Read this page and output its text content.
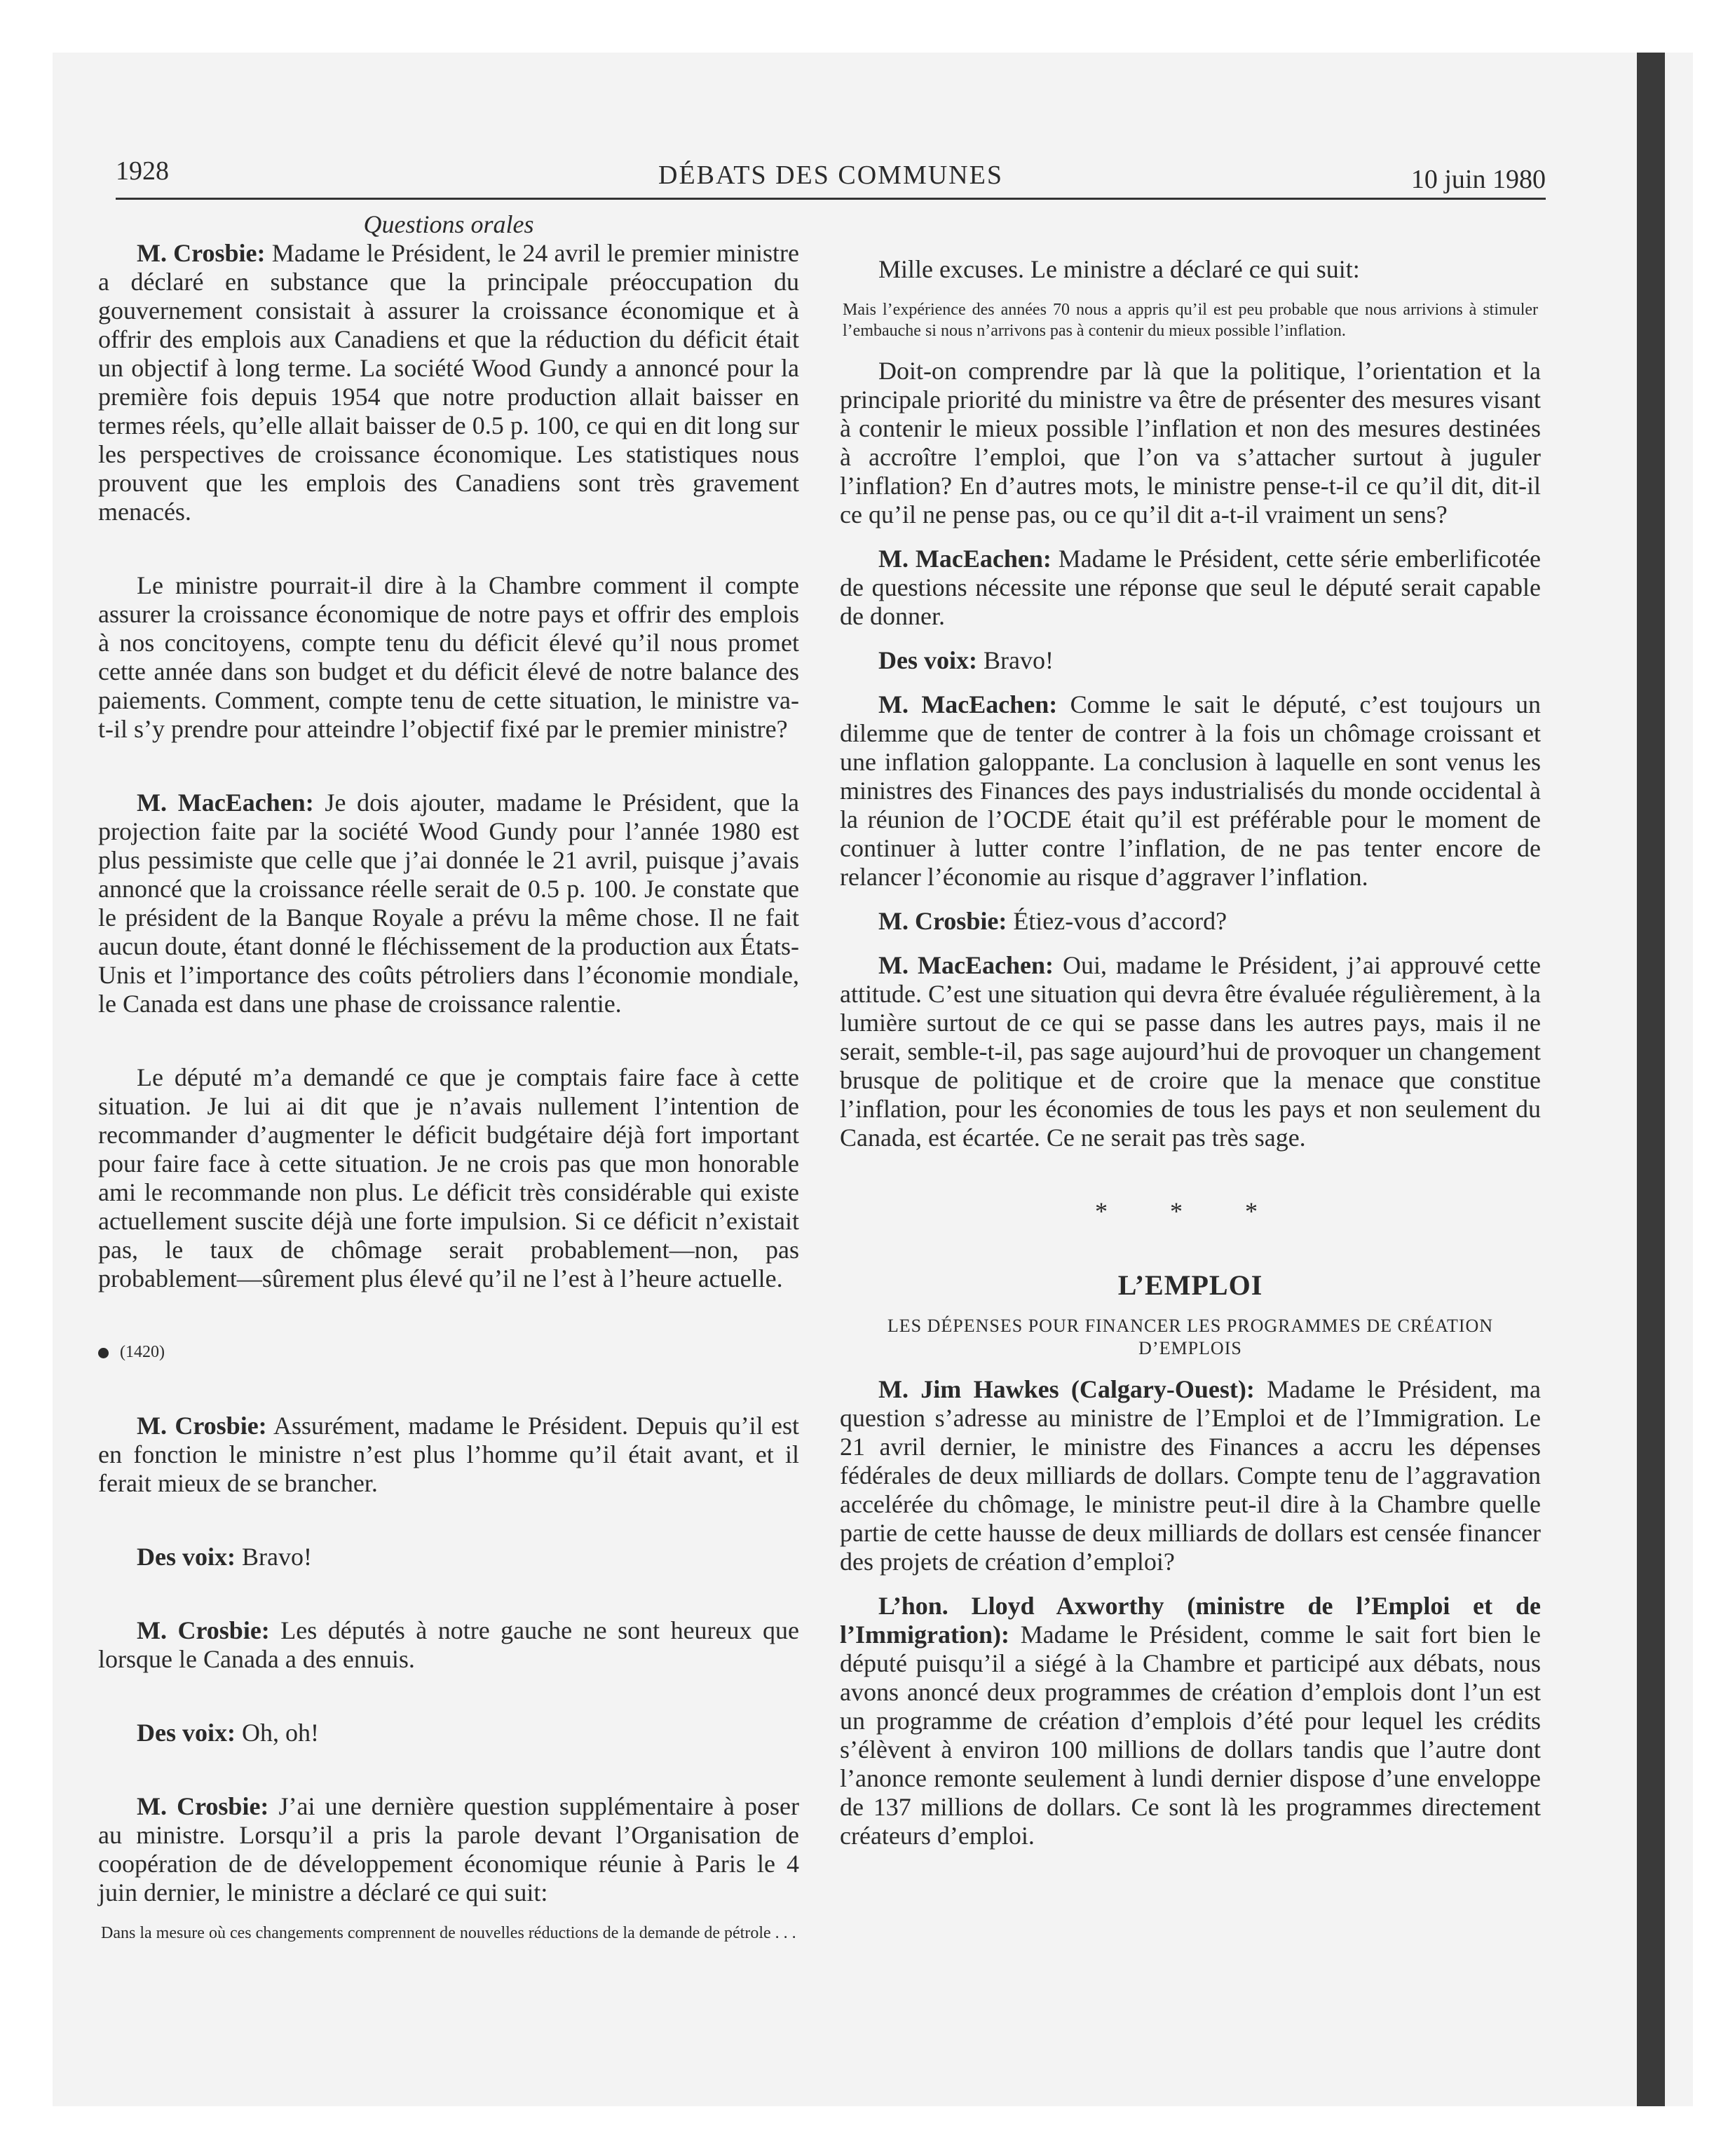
1928	DÉBATS DES COMMUNES	10 juin 1980

Questions orales

M. Crosbie: Madame le Président, le 24 avril le premier ministre a déclaré en substance que la principale préoccupation du gouvernement consistait à assurer la croissance économique et à offrir des emplois aux Canadiens et que la réduction du déficit était un objectif à long terme. La société Wood Gundy a annoncé pour la première fois depuis 1954 que notre production allait baisser en termes réels, qu’elle allait baisser de 0.5 p. 100, ce qui en dit long sur les perspectives de croissance économique. Les statistiques nous prouvent que les emplois des Canadiens sont très gravement menacés.

Le ministre pourrait-il dire à la Chambre comment il compte assurer la croissance économique de notre pays et offrir des emplois à nos concitoyens, compte tenu du déficit élevé qu’il nous promet cette année dans son budget et du déficit élevé de notre balance des paiements. Comment, compte tenu de cette situation, le ministre va-t-il s’y prendre pour atteindre l’objectif fixé par le premier ministre?

M. MacEachen: Je dois ajouter, madame le Président, que la projection faite par la société Wood Gundy pour l’année 1980 est plus pessimiste que celle que j’ai donnée le 21 avril, puisque j’avais annoncé que la croissance réelle serait de 0.5 p. 100. Je constate que le président de la Banque Royale a prévu la même chose. Il ne fait aucun doute, étant donné le fléchissement de la production aux États-Unis et l’importance des coûts pétroliers dans l’économie mondiale, le Canada est dans une phase de croissance ralentie.

Le député m’a demandé ce que je comptais faire face à cette situation. Je lui ai dit que je n’avais nullement l’intention de recommander d’augmenter le déficit budgétaire déjà fort important pour faire face à cette situation. Je ne crois pas que mon honorable ami le recommande non plus. Le déficit très considérable qui existe actuellement suscite déjà une forte impulsion. Si ce déficit n’existait pas, le taux de chômage serait probablement—non, pas probablement—sûrement plus élevé qu’il ne l’est à l’heure actuelle.

(1420)

M. Crosbie: Assurément, madame le Président. Depuis qu’il est en fonction le ministre n’est plus l’homme qu’il était avant, et il ferait mieux de se brancher.

Des voix: Bravo!

M. Crosbie: Les députés à notre gauche ne sont heureux que lorsque le Canada a des ennuis.

Des voix: Oh, oh!

M. Crosbie: J’ai une dernière question supplémentaire à poser au ministre. Lorsqu’il a pris la parole devant l’Organisation de coopération de de développement économique réunie à Paris le 4 juin dernier, le ministre a déclaré ce qui suit:

Dans la mesure où ces changements comprennent de nouvelles réductions de la demande de pétrole . . .

Mille excuses. Le ministre a déclaré ce qui suit:

Mais l’expérience des années 70 nous a appris qu’il est peu probable que nous arrivions à stimuler l’embauche si nous n’arrivons pas à contenir du mieux possible l’inflation.

Doit-on comprendre par là que la politique, l’orientation et la principale priorité du ministre va être de présenter des mesures visant à contenir le mieux possible l’inflation et non des mesures destinées à accroître l’emploi, que l’on va s’attacher surtout à juguler l’inflation? En d’autres mots, le ministre pense-t-il ce qu’il dit, dit-il ce qu’il ne pense pas, ou ce qu’il dit a-t-il vraiment un sens?

M. MacEachen: Madame le Président, cette série emberlificotée de questions nécessite une réponse que seul le député serait capable de donner.

Des voix: Bravo!

M. MacEachen: Comme le sait le député, c’est toujours un dilemme que de tenter de contrer à la fois un chômage croissant et une inflation galoppante. La conclusion à laquelle en sont venus les ministres des Finances des pays industrialisés du monde occidental à la réunion de l’OCDE était qu’il est préférable pour le moment de continuer à lutter contre l’inflation, de ne pas tenter encore de relancer l’économie au risque d’aggraver l’inflation.

M. Crosbie: Étiez-vous d’accord?

M. MacEachen: Oui, madame le Président, j’ai approuvé cette attitude. C’est une situation qui devra être évaluée régulièrement, à la lumière surtout de ce qui se passe dans les autres pays, mais il ne serait, semble-t-il, pas sage aujourd’hui de provoquer un changement brusque de politique et de croire que la menace que constitue l’inflation, pour les économies de tous les pays et non seulement du Canada, est écartée. Ce ne serait pas très sage.

* * *

L’EMPLOI

LES DÉPENSES POUR FINANCER LES PROGRAMMES DE CRÉATION D’EMPLOIS

M. Jim Hawkes (Calgary-Ouest): Madame le Président, ma question s’adresse au ministre de l’Emploi et de l’Immigration. Le 21 avril dernier, le ministre des Finances a accru les dépenses fédérales de deux milliards de dollars. Compte tenu de l’aggravation accelérée du chômage, le ministre peut-il dire à la Chambre quelle partie de cette hausse de deux milliards de dollars est censée financer des projets de création d’emploi?

L’hon. Lloyd Axworthy (ministre de l’Emploi et de l’Immigration): Madame le Président, comme le sait fort bien le député puisqu’il a siégé à la Chambre et participé aux débats, nous avons anoncé deux programmes de création d’emplois dont l’un est un programme de création d’emplois d’été pour lequel les crédits s’élèvent à environ 100 millions de dollars tandis que l’autre dont l’anonce remonte seulement à lundi dernier dispose d’une enveloppe de 137 millions de dollars. Ce sont là les programmes directement créateurs d’emploi.
